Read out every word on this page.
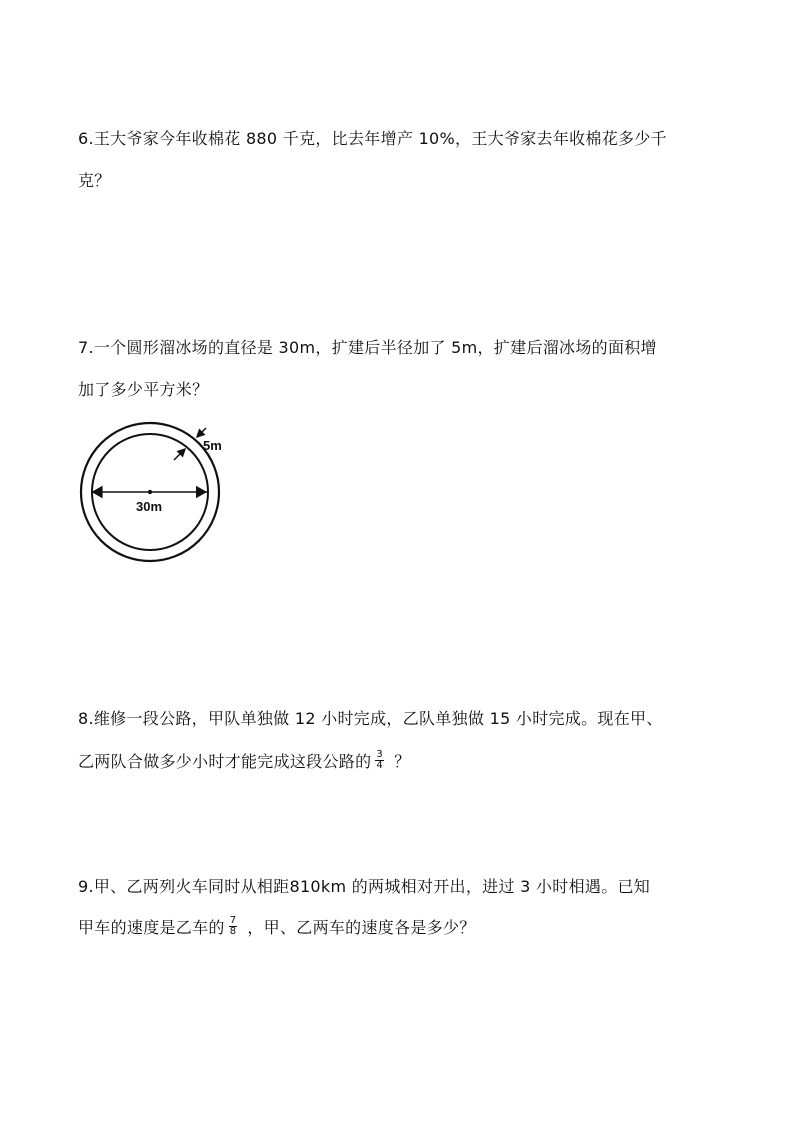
6.王大爷家今年收棉花 880 千克，比去年增产 10%，王大爷家去年收棉花多少千
克？
7.一个圆形溜冰场的直径是 30m，扩建后半径加了 5m，扩建后溜冰场的面积增
加了多少平方米？
5m
30m
8.维修一段公路，甲队单独做 12 小时完成，乙队单独做 15 小时完成。现在甲、
乙两队合做多少小时才能完成这段公路的 $\frac{3}{4}$ ？
9.甲、乙两列火车同时从相距810km 的两城相对开出，进过 3 小时相遇。已知
甲车的速度是乙车的 $\frac{7}{8}$ ，甲、乙两车的速度各是多少？
